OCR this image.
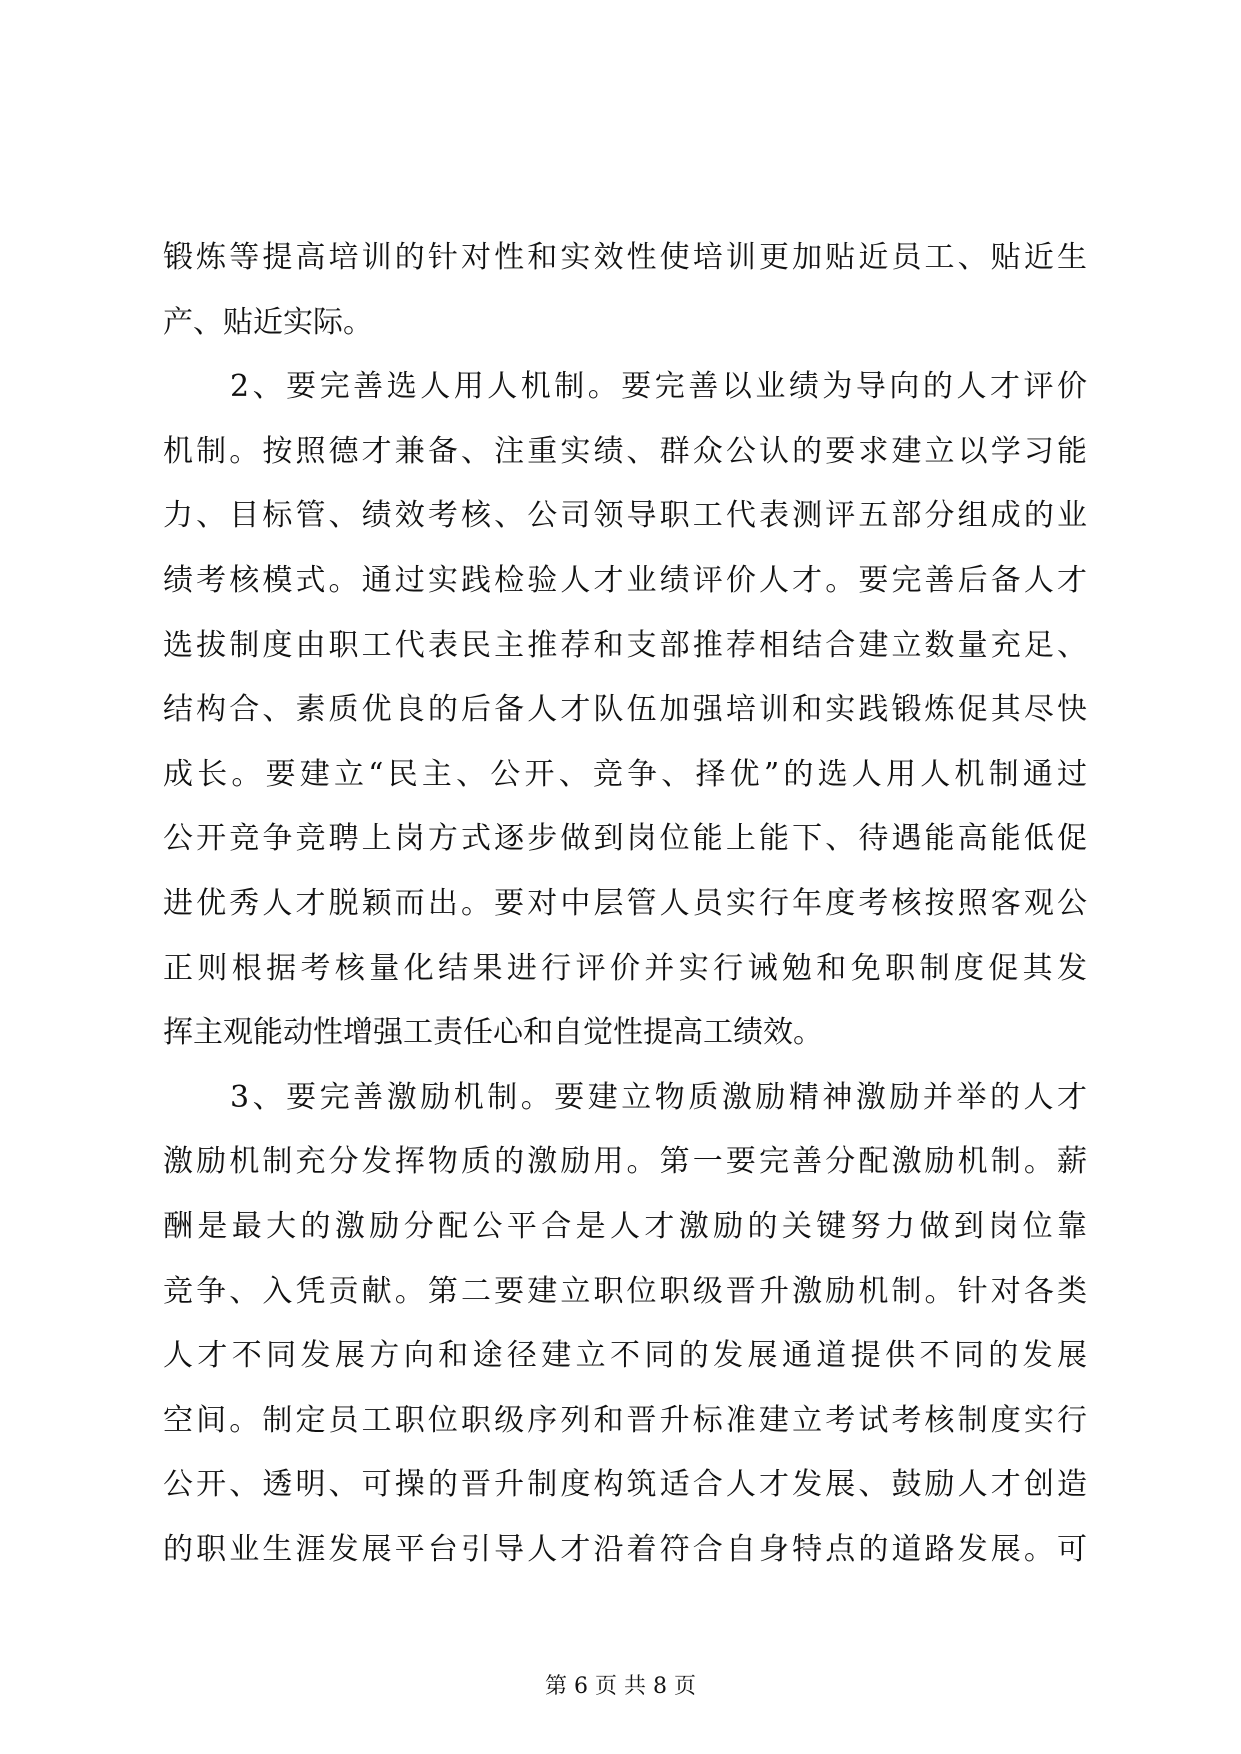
锻炼等提高培训的针对性和实效性使培训更加贴近员工、贴近生
产、贴近实际。
　　2、要完善选人用人机制。要完善以业绩为导向的人才评价
机制。按照德才兼备、注重实绩、群众公认的要求建立以学习能
力、目标管、绩效考核、公司领导职工代表测评五部分组成的业
绩考核模式。通过实践检验人才业绩评价人才。要完善后备人才
选拔制度由职工代表民主推荐和支部推荐相结合建立数量充足、
结构合、素质优良的后备人才队伍加强培训和实践锻炼促其尽快
成长。要建立“民主、公开、竞争、择优”的选人用人机制通过
公开竞争竞聘上岗方式逐步做到岗位能上能下、待遇能高能低促
进优秀人才脱颖而出。要对中层管人员实行年度考核按照客观公
正则根据考核量化结果进行评价并实行诫勉和免职制度促其发
挥主观能动性增强工责任心和自觉性提高工绩效。
　　3、要完善激励机制。要建立物质激励精神激励并举的人才
激励机制充分发挥物质的激励用。第一要完善分配激励机制。薪
酬是最大的激励分配公平合是人才激励的关键努力做到岗位靠
竞争、入凭贡献。第二要建立职位职级晋升激励机制。针对各类
人才不同发展方向和途径建立不同的发展通道提供不同的发展
空间。制定员工职位职级序列和晋升标准建立考试考核制度实行
公开、透明、可操的晋升制度构筑适合人才发展、鼓励人才创造
的职业生涯发展平台引导人才沿着符合自身特点的道路发展。可
第 6 页 共 8 页
